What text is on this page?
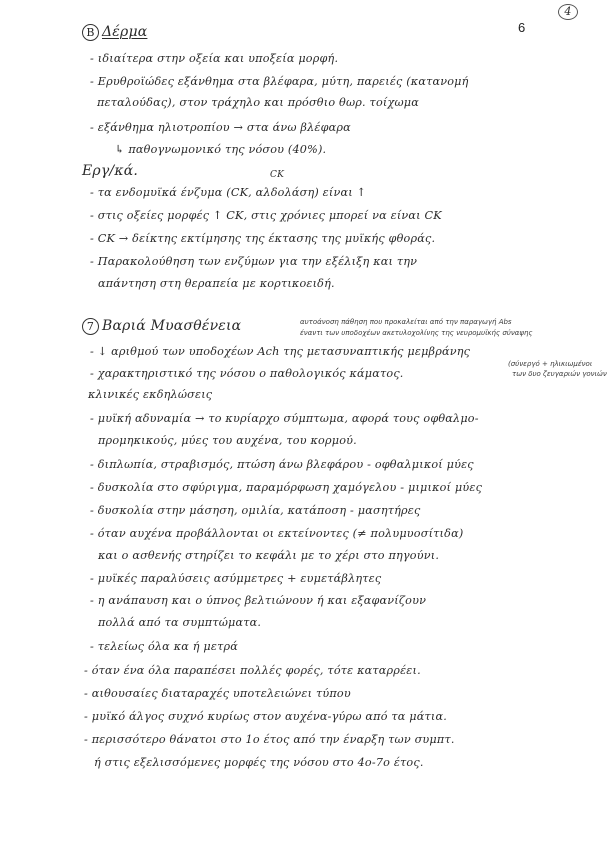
6
4
B Δέρμα
- ιδιαίτερα στην οξεία και υποξεία μορφή.
- Ερυθροϊώδες εξάνθημα στα βλέφαρα, μύτη, παρειές (κατανομή
πεταλούδας), στον τράχηλο και πρόσθιο θωρ. τοίχωμα
- εξάνθημα ηλιοτροπίου → στα άνω βλέφαρα
↳ παθογνωμονικό της νόσου (40%).
Εργ/κά.	CK
- τα ενδομυϊκά ένζυμα (CK, αλδολάση) είναι ↑
- στις οξείες μορφές ↑ CK, στις χρόνιες μπορεί να είναι CK
- CK → δείκτης εκτίμησης της έκτασης της μυϊκής φθοράς.
- Παρακολούθηση των ενζύμων για την εξέλιξη και την
απάντηση στη θεραπεία με κορτικοειδή.
7 Βαριά Μυασθένεια	αυτοάνοση πάθηση που προκαλείται από την παραγωγή Abs
έναντι των υποδοχέων ακετυλοχολίνης της νευρομυϊκής σύναψης
(σύνεργό + ηλικιωμένοι
των δυο ζευγαριών γονιών
- ↓ αριθμού των υποδοχέων Ach της μετασυναπτικής μεμβράνης
- χαρακτηριστικό της νόσου ο παθολογικός κάματος.
κλινικές εκδηλώσεις
- μυϊκή αδυναμία → το κυρίαρχο σύμπτωμα, αφορά τους οφθαλμο-
προμηκικούς, μύες του αυχένα, του κορμού.
- διπλωπία, στραβισμός, πτώση άνω βλεφάρου - οφθαλμικοί μύες
- δυσκολία στο σφύριγμα, παραμόρφωση χαμόγελου - μιμικοί μύες
- δυσκολία στην μάσηση, ομιλία, κατάποση - μασητήρες
- όταν αυχένα προβάλλονται οι εκτείνοντες (≠ πολυμυοσίτιδα)
και ο ασθενής στηρίζει το κεφάλι με το χέρι στο πηγούνι.
- μυϊκές παραλύσεις ασύμμετρες + ευμετάβλητες
- η ανάπαυση και ο ύπνος βελτιώνουν ή και εξαφανίζουν
πολλά από τα συμπτώματα.
- τελείως όλα κα ή μετρά
- όταν ένα όλα παραπέσει πολλές φορές, τότε καταρρέει.
- αιθουσαίες διαταραχές υποτελειώνει τύπου
- μυϊκό άλγος συχνό κυρίως στον αυχένα-γύρω από τα μάτια.
- περισσότερο θάνατοι στο 1ο έτος από την έναρξη των συμπτ.
ή στις εξελισσόμενες μορφές της νόσου στο 4ο-7ο έτος.
